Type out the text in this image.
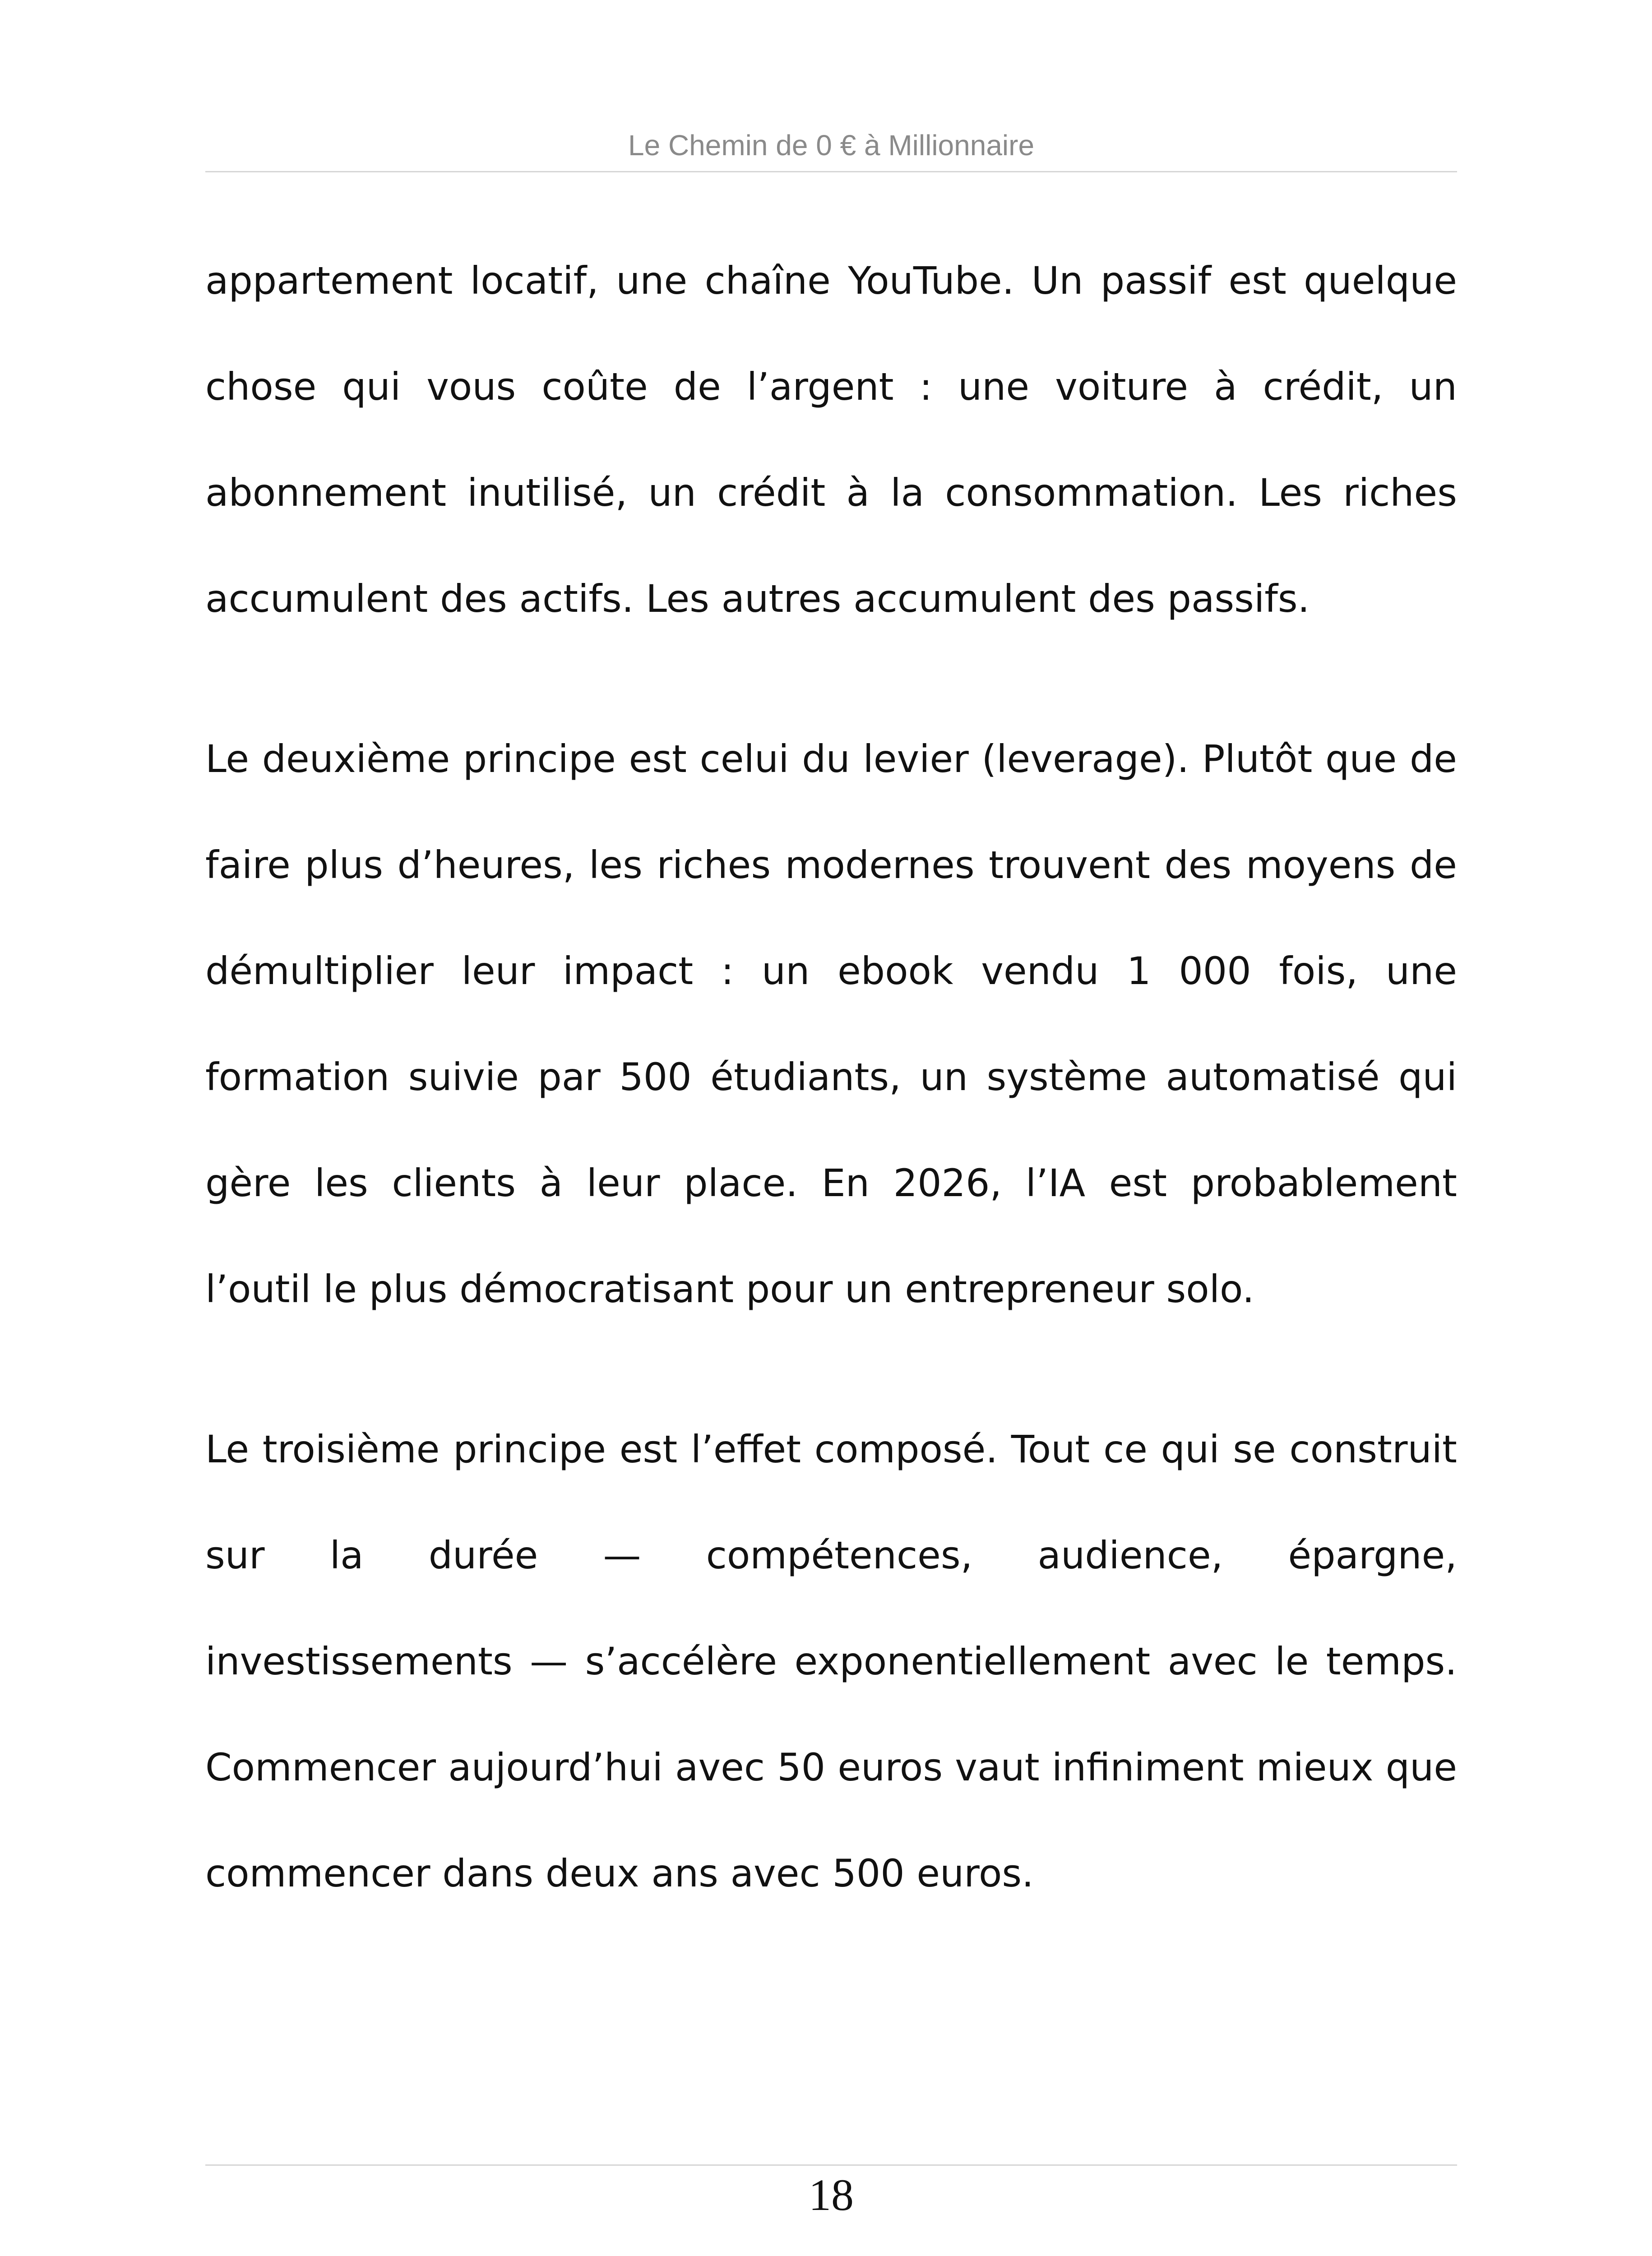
Le Chemin de 0 € à Millionnaire

appartement locatif, une chaîne YouTube. Un passif est quelque chose qui vous coûte de l’argent : une voiture à crédit, un abonnement inutilisé, un crédit à la consommation. Les riches accumulent des actifs. Les autres accumulent des passifs.

Le deuxième principe est celui du levier (leverage). Plutôt que de faire plus d’heures, les riches modernes trouvent des moyens de démultiplier leur impact : un ebook vendu 1 000 fois, une formation suivie par 500 étudiants, un système automatisé qui gère les clients à leur place. En 2026, l’IA est probablement l’outil le plus démocratisant pour un entrepreneur solo.

Le troisième principe est l’effet composé. Tout ce qui se construit sur la durée — compétences, audience, épargne, investissements — s’accélère exponentiellement avec le temps. Commencer aujourd’hui avec 50 euros vaut infiniment mieux que commencer dans deux ans avec 500 euros.

18
